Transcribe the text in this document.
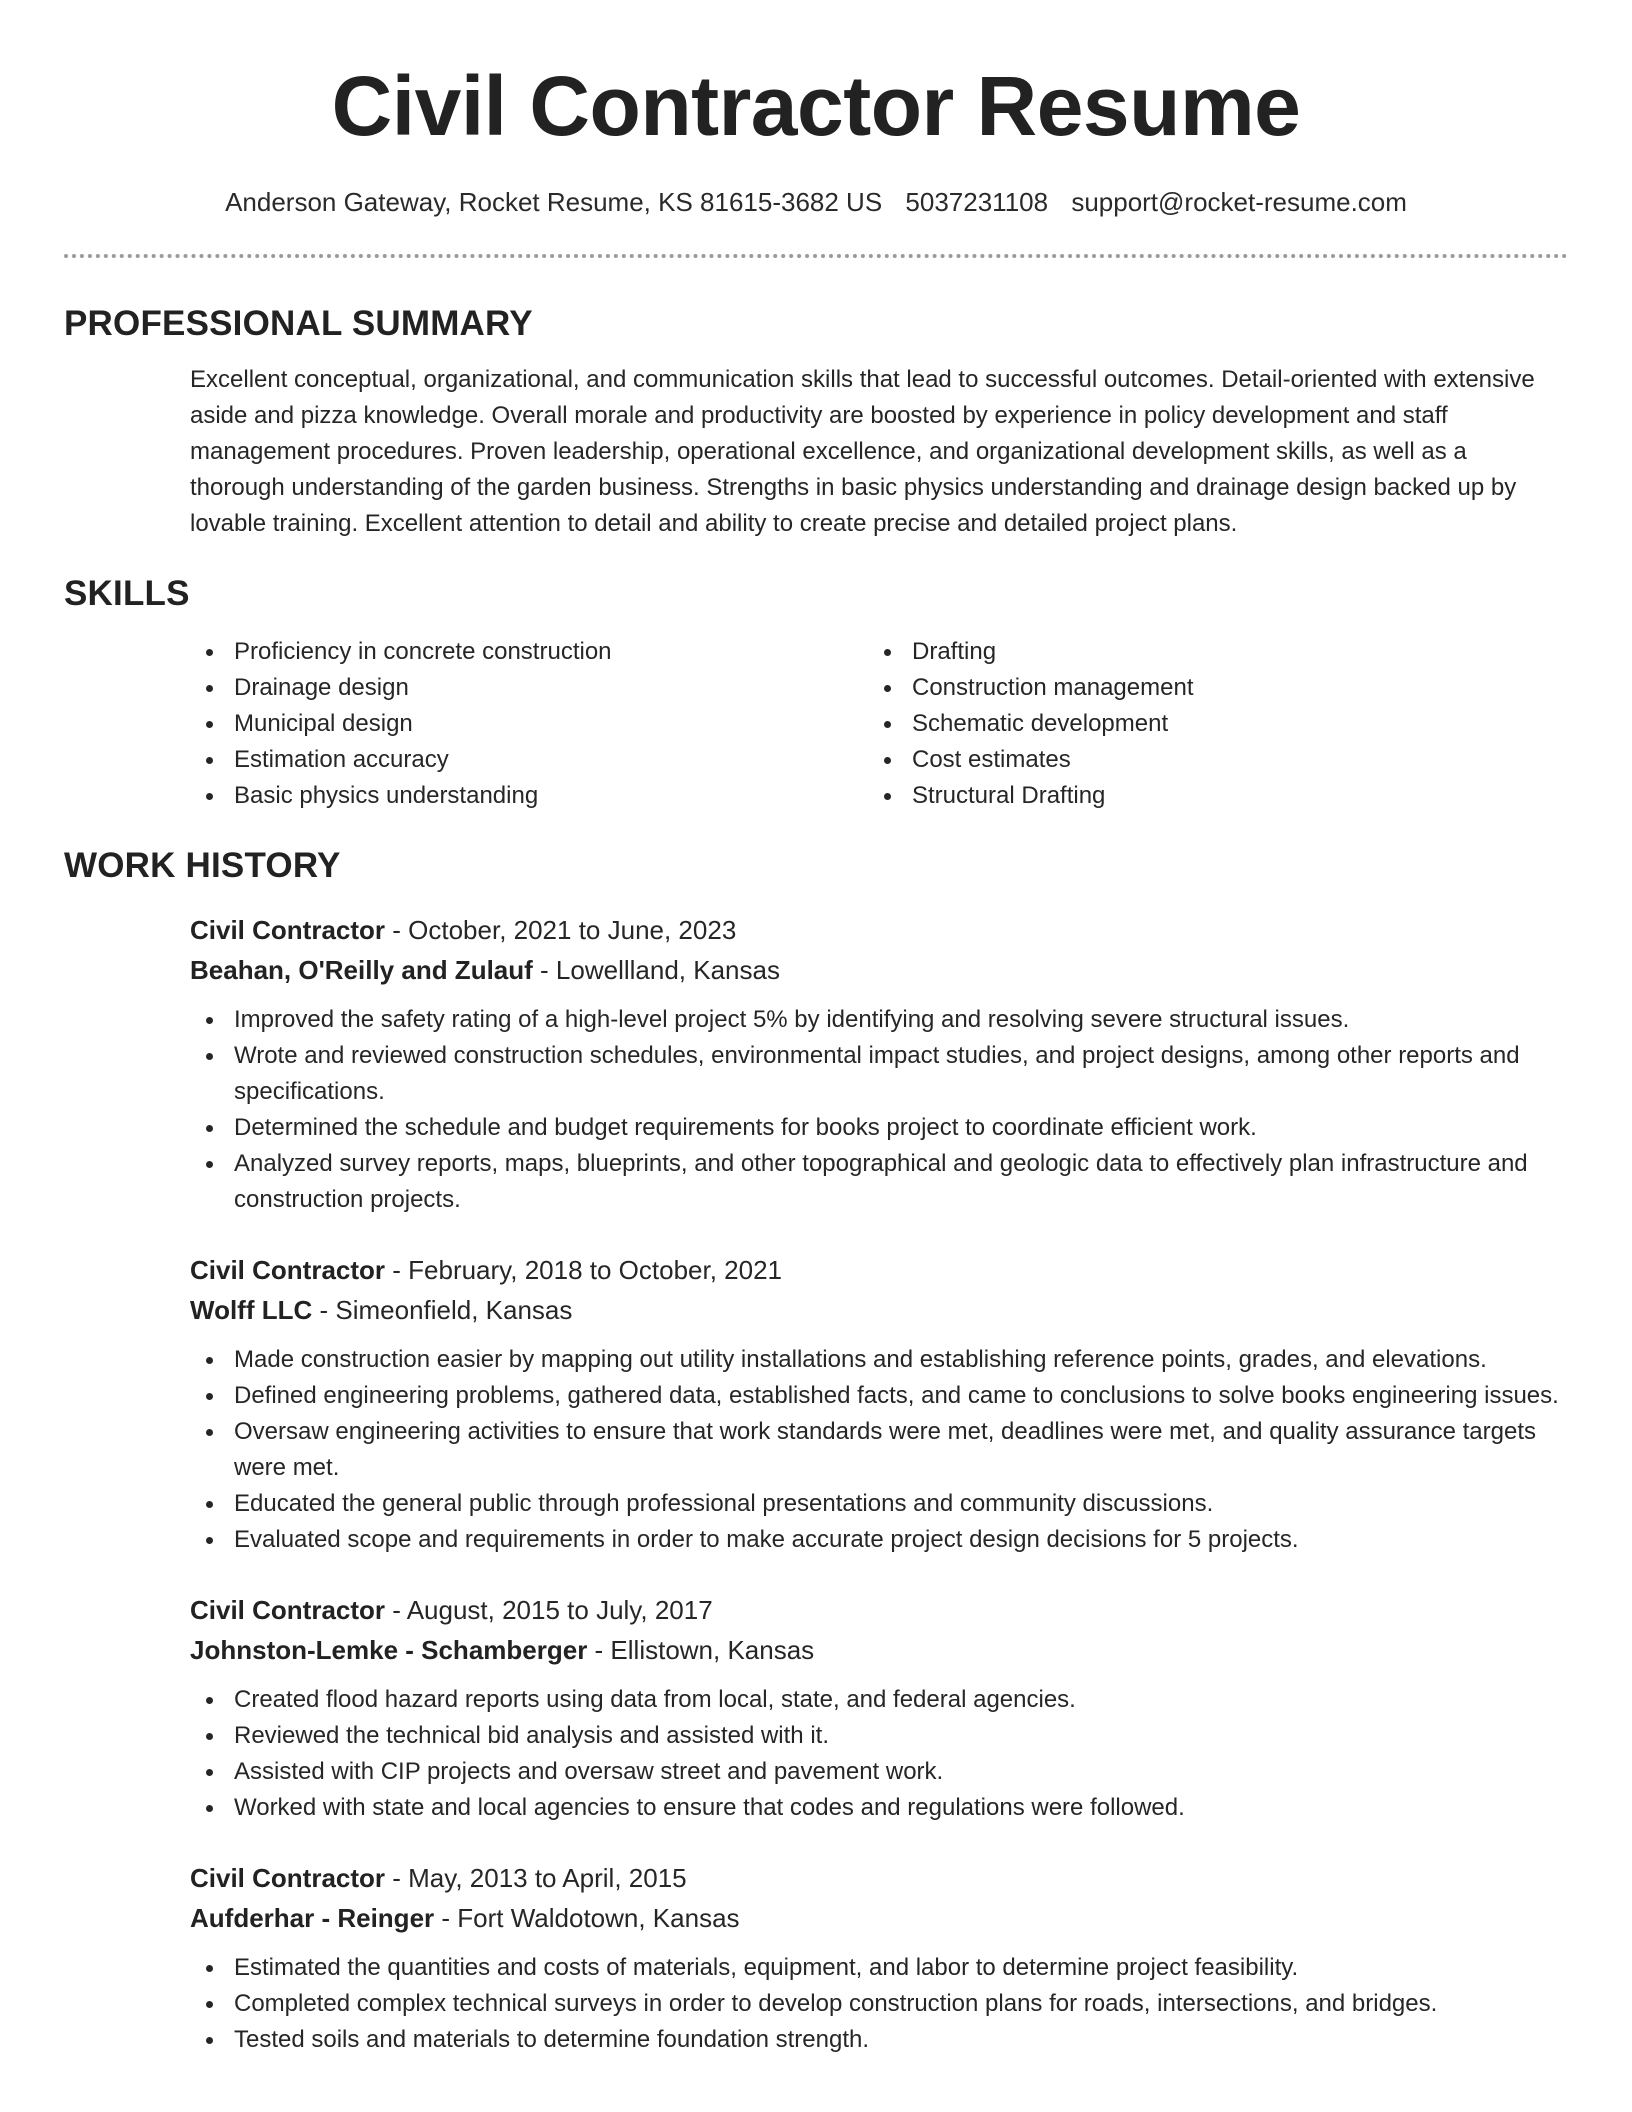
Civil Contractor Resume
Anderson Gateway, Rocket Resume, KS 81615-3682 US 5037231108 support@rocket-resume.com
PROFESSIONAL SUMMARY

Excellent conceptual, organizational, and communication skills that lead to successful outcomes. Detail-oriented with extensive aside and pizza knowledge. Overall morale and productivity are boosted by experience in policy development and staff management procedures. Proven leadership, operational excellence, and organizational development skills, as well as a thorough understanding of the garden business. Strengths in basic physics understanding and drainage design backed up by lovable training. Excellent attention to detail and ability to create precise and detailed project plans.

SKILLS
Proficiency in concrete construction
Drainage design
Municipal design
Estimation accuracy
Basic physics understanding
Drafting
Construction management
Schematic development
Cost estimates
Structural Drafting
WORK HISTORY
Civil Contractor - October, 2021 to June, 2023
Beahan, O'Reilly and Zulauf - Lowellland, Kansas
Improved the safety rating of a high-level project 5% by identifying and resolving severe structural issues.
Wrote and reviewed construction schedules, environmental impact studies, and project designs, among other reports and specifications.
Determined the schedule and budget requirements for books project to coordinate efficient work.
Analyzed survey reports, maps, blueprints, and other topographical and geologic data to effectively plan infrastructure and construction projects.
Civil Contractor - February, 2018 to October, 2021
Wolff LLC - Simeonfield, Kansas
Made construction easier by mapping out utility installations and establishing reference points, grades, and elevations.
Defined engineering problems, gathered data, established facts, and came to conclusions to solve books engineering issues.
Oversaw engineering activities to ensure that work standards were met, deadlines were met, and quality assurance targets were met.
Educated the general public through professional presentations and community discussions.
Evaluated scope and requirements in order to make accurate project design decisions for 5 projects.
Civil Contractor - August, 2015 to July, 2017
Johnston-Lemke - Schamberger - Ellistown, Kansas
Created flood hazard reports using data from local, state, and federal agencies.
Reviewed the technical bid analysis and assisted with it.
Assisted with CIP projects and oversaw street and pavement work.
Worked with state and local agencies to ensure that codes and regulations were followed.
Civil Contractor - May, 2013 to April, 2015
Aufderhar - Reinger - Fort Waldotown, Kansas
Estimated the quantities and costs of materials, equipment, and labor to determine project feasibility.
Completed complex technical surveys in order to develop construction plans for roads, intersections, and bridges.
Tested soils and materials to determine foundation strength.
